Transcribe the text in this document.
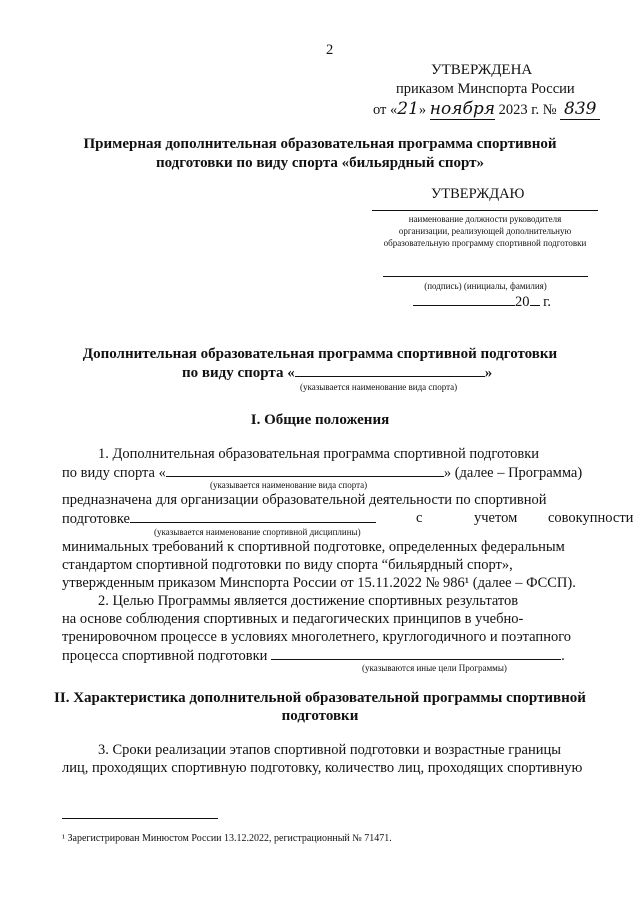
2
УТВЕРЖДЕНА
приказом Минспорта России
от «21» ноября 2023 г. № 839
Примерная дополнительная образовательная программа спортивной
подготовки по виду спорта «бильярдный спорт»
УТВЕРЖДАЮ
наименование должности руководителя
организации, реализующей дополнительную
образовательную программу спортивной подготовки
(подпись) (инициалы, фамилия)
20 г.
Дополнительная образовательная программа спортивной подготовки
по виду спорта «	»
(указывается наименование вида спорта)
I. Общие положения
1. Дополнительная образовательная программа спортивной подготовки
по виду спорта «	» (далее – Программа)
(указывается наименование вида спорта)
предназначена для организации образовательной деятельности по спортивной
подготовке	с	учетом совокупности
(указывается наименование спортивной дисциплины)
минимальных требований к спортивной подготовке, определенных федеральным
стандартом спортивной подготовки по виду спорта “бильярдный спорт»,
утвержденным приказом Минспорта России от 15.11.2022 № 986¹ (далее – ФССП).
2. Целью Программы является достижение спортивных результатов
на основе соблюдения спортивных и педагогических принципов в учебно-
тренировочном процессе в условиях многолетнего, круглогодичного и поэтапного
процесса спортивной подготовки	.
(указываются иные цели Программы)
II. Характеристика дополнительной образовательной программы спортивной
подготовки
3. Сроки реализации этапов спортивной подготовки и возрастные границы
лиц, проходящих спортивную подготовку, количество лиц, проходящих спортивную
¹ Зарегистрирован Минюстом России 13.12.2022, регистрационный № 71471.
